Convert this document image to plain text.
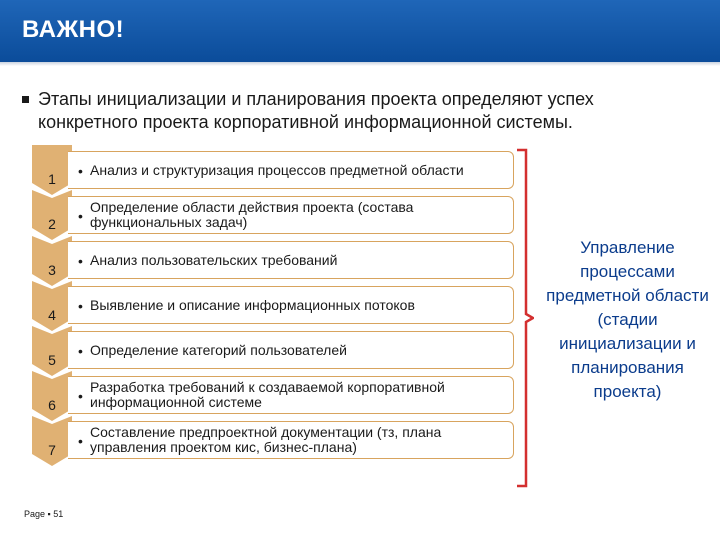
ВАЖНО!
Этапы инициализации и планирования проекта определяют успех конкретного проекта корпоративной информационной системы.
1	• Анализ и структуризация процессов предметной области
2	•
Определение области действия проекта (состава функциональных задач)
3
• Анализ пользовательских требований
4
• Выявление и описание информационных потоков
5
• Определение категорий пользователей
6
•
Разработка требований к создаваемой корпоративной информационной системе
7
•
Составление предпроектной документации (тз, плана управления проектом кис, бизнес-плана)
Управление процессами предметной области (стадии инициализации и планирования проекта)
Page ▪ 51
